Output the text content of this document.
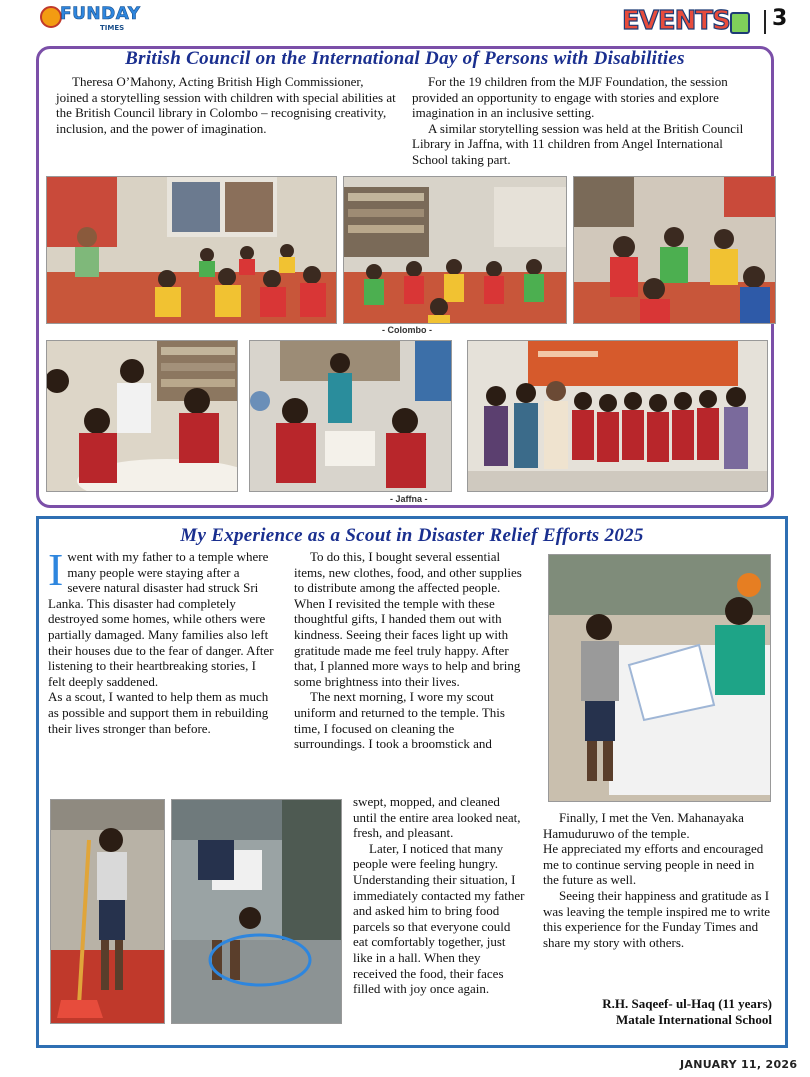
FUNDAY
TIMES	EVENTS 3
British Council on the International Day of Persons with Disabilities

Theresa O’Mahony, Acting British High Commissioner, joined a storytelling session with children with special abilities at the British Council library in Colombo – recognising creativity, inclusion, and the power of imagination.

For the 19 children from the MJF Foundation, the session provided an opportunity to engage with stories and explore imagination in an inclusive setting.

A similar storytelling session was held at the British Council Library in Jaffna, with 11 children from Angel International School taking part.

- Colombo -
- Jaffna -
My Experience as a Scout in Disaster Relief Efforts 2025
I went with my father to a temple where many people were staying after a severe natural disaster had struck Sri Lanka. This disaster had completely destroyed some homes, while others were partially damaged. Many families also left their houses due to the fear of danger. After listening to their heartbreaking stories, I felt deeply saddened.

As a scout, I wanted to help them as much as possible and support them in rebuilding their lives stronger than before.

To do this, I bought several essential items, new clothes, food, and other supplies to distribute among the affected people. When I revisited the temple with these thoughtful gifts, I handed them out with kindness. Seeing their faces light up with gratitude made me feel truly happy. After that, I planned more ways to help and bring some brightness into their lives.

The next morning, I wore my scout uniform and returned to the temple. This time, I focused on cleaning the surroundings. I took a broomstick and

swept, mopped, and cleaned until the entire area looked neat, fresh, and pleasant.

Later, I noticed that many people were feeling hungry. Understanding their situation, I immediately contacted my father and asked him to bring food parcels so that everyone could eat comfortably together, just like in a hall. When they received the food, their faces filled with joy once again.

Finally, I met the Ven. Mahanayaka Hamuduruwo of the temple.

He appreciated my efforts and encouraged me to continue serving people in need in the future as well.

Seeing their happiness and gratitude as I was leaving the temple inspired me to write this experience for the Funday Times and share my story with others.

R.H. Saqeef- ul-Haq (11 years)
Matale International School
JANUARY 11, 2026
